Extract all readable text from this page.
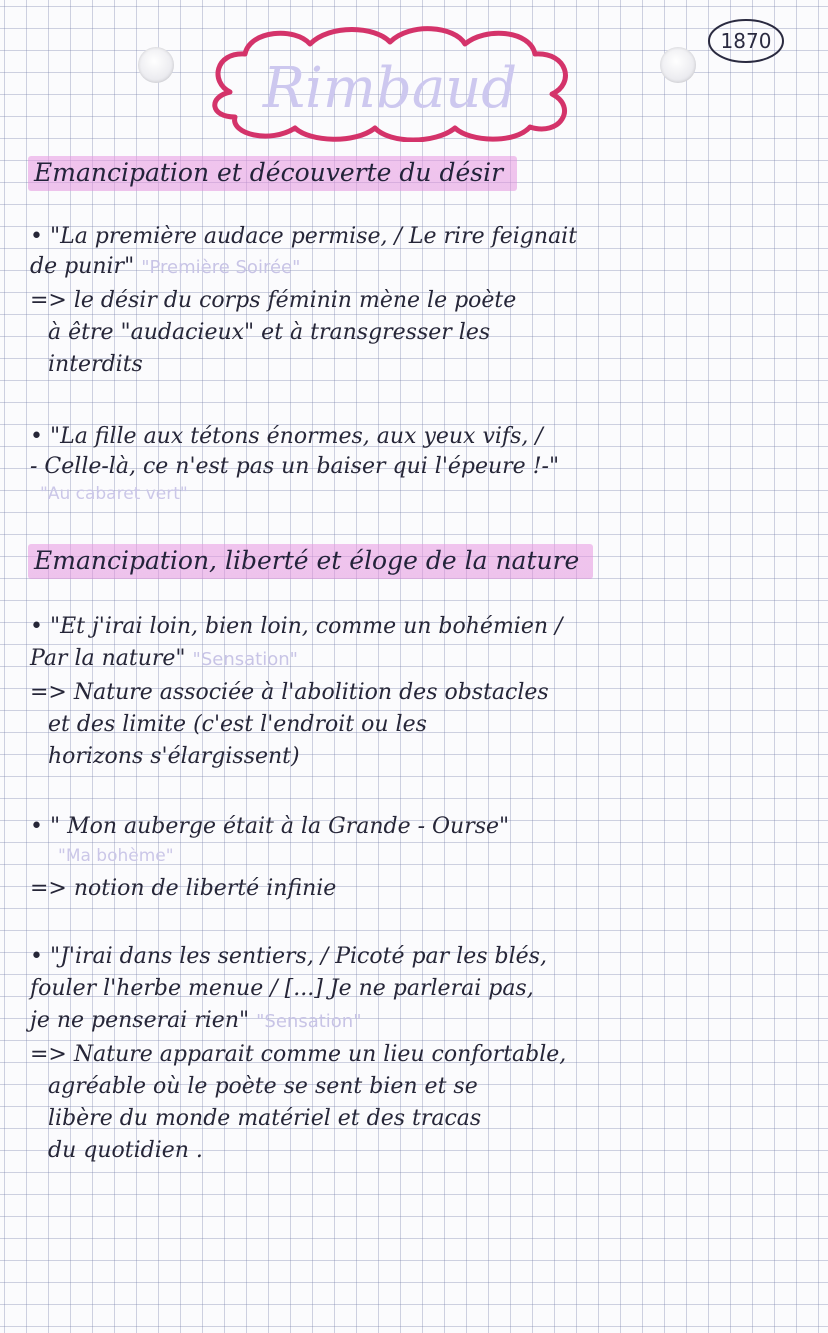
Rimbaud
1870
Emancipation et découverte du désir
• "La première audace permise, / Le rire feignait
de punir" "Première Soirée"
=> le désir du corps féminin mène le poète
à être "audacieux" et à transgresser les
interdits
• "La fille aux tétons énormes, aux yeux vifs, /
- Celle-là, ce n'est pas un baiser qui l'épeure !-"
"Au cabaret vert"
Emancipation, liberté et éloge de la nature
• "Et j'irai loin, bien loin, comme un bohémien /
Par la nature" "Sensation"
=> Nature associée à l'abolition des obstacles
et des limite (c'est l'endroit ou les
horizons s'élargissent)
• " Mon auberge était à la Grande - Ourse"
"Ma bohème"
=> notion de liberté infinie
• "J'irai dans les sentiers, / Picoté par les blés,
fouler l'herbe menue / [...] Je ne parlerai pas,
je ne penserai rien" "Sensation"
=> Nature apparait comme un lieu confortable,
agréable où le poète se sent bien et se
libère du monde matériel et des tracas
du quotidien .
